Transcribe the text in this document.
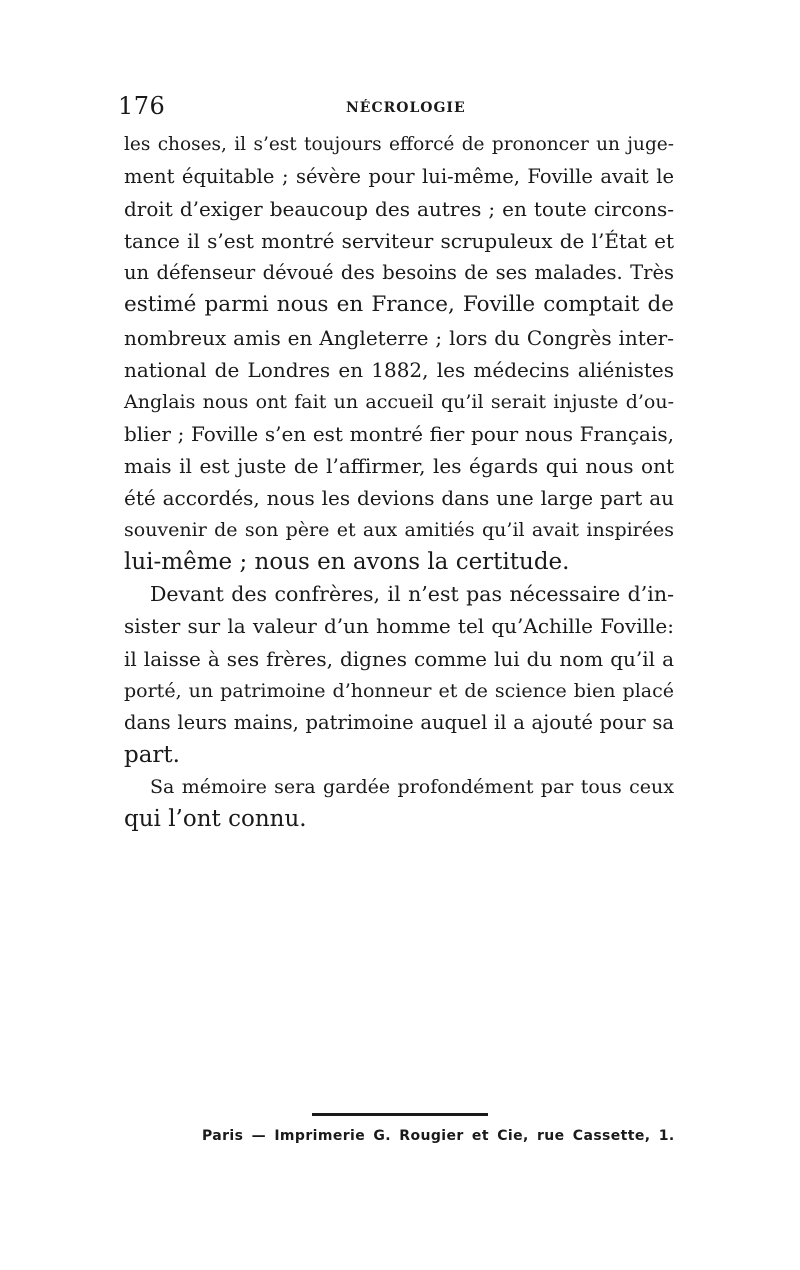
176	NÉCROLOGIE
les choses, il s’est toujours efforcé de prononcer un juge-
ment équitable ; sévère pour lui-même, Foville avait le
droit d’exiger beaucoup des autres ; en toute circons-
tance il s’est montré serviteur scrupuleux de l’État et
un défenseur dévoué des besoins de ses malades. Très
estimé parmi nous en France, Foville comptait de
nombreux amis en Angleterre ; lors du Congrès inter-
national de Londres en 1882, les médecins aliénistes
Anglais nous ont fait un accueil qu’il serait injuste d’ou-
blier ; Foville s’en est montré fier pour nous Français,
mais il est juste de l’affirmer, les égards qui nous ont
été accordés, nous les devions dans une large part au
souvenir de son père et aux amitiés qu’il avait inspirées
lui-même ; nous en avons la certitude.
Devant des confrères, il n’est pas nécessaire d’in-
sister sur la valeur d’un homme tel qu’Achille Foville:
il laisse à ses frères, dignes comme lui du nom qu’il a
porté, un patrimoine d’honneur et de science bien placé
dans leurs mains, patrimoine auquel il a ajouté pour sa
part.
Sa mémoire sera gardée profondément par tous ceux
qui l’ont connu.
Paris — Imprimerie G. Rougier et Cie, rue Cassette, 1.
